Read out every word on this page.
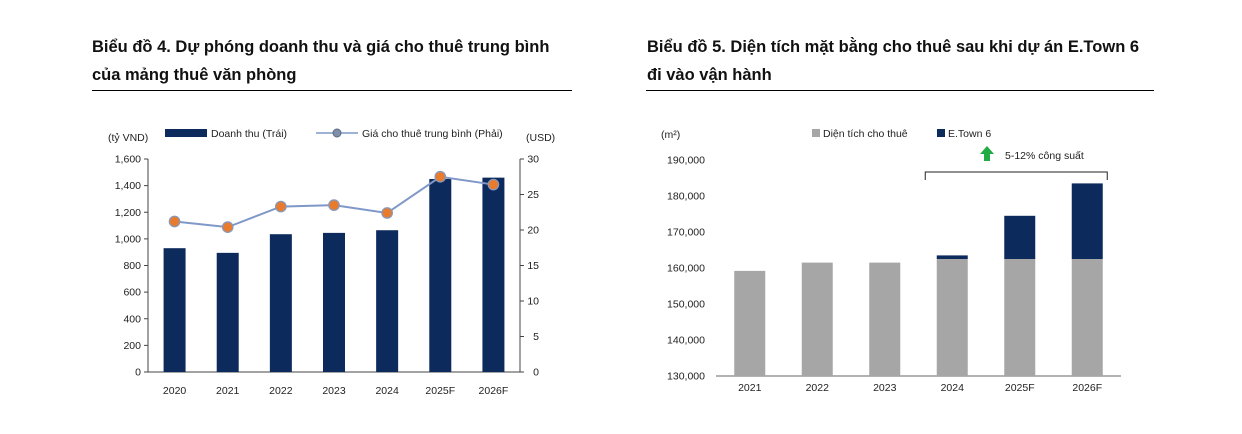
Biểu đồ 4. Dự phóng doanh thu và giá cho thuê trung bình
của mảng thuê văn phòng
(tỷ VND)	(USD)
Doanh thu (Trái)	Giá cho thuê trung bình (Phải)
1,600
1,400
1,200
1,000
800
600
400
200
0
30
25
20
15
10
5
0
2020	2021	2022	2023	2024	2025F 2026F
Biểu đồ 5. Diện tích mặt bằng cho thuê sau khi dự án E.Town 6
đi vào vận hành
(m²)	Diện tích cho thuê	E.Town 6
190,000
180,000
170,000
160,000
150,000
140,000
130,000
2021	2022	2023	2024	2025F	2026F
5-12% công suất
